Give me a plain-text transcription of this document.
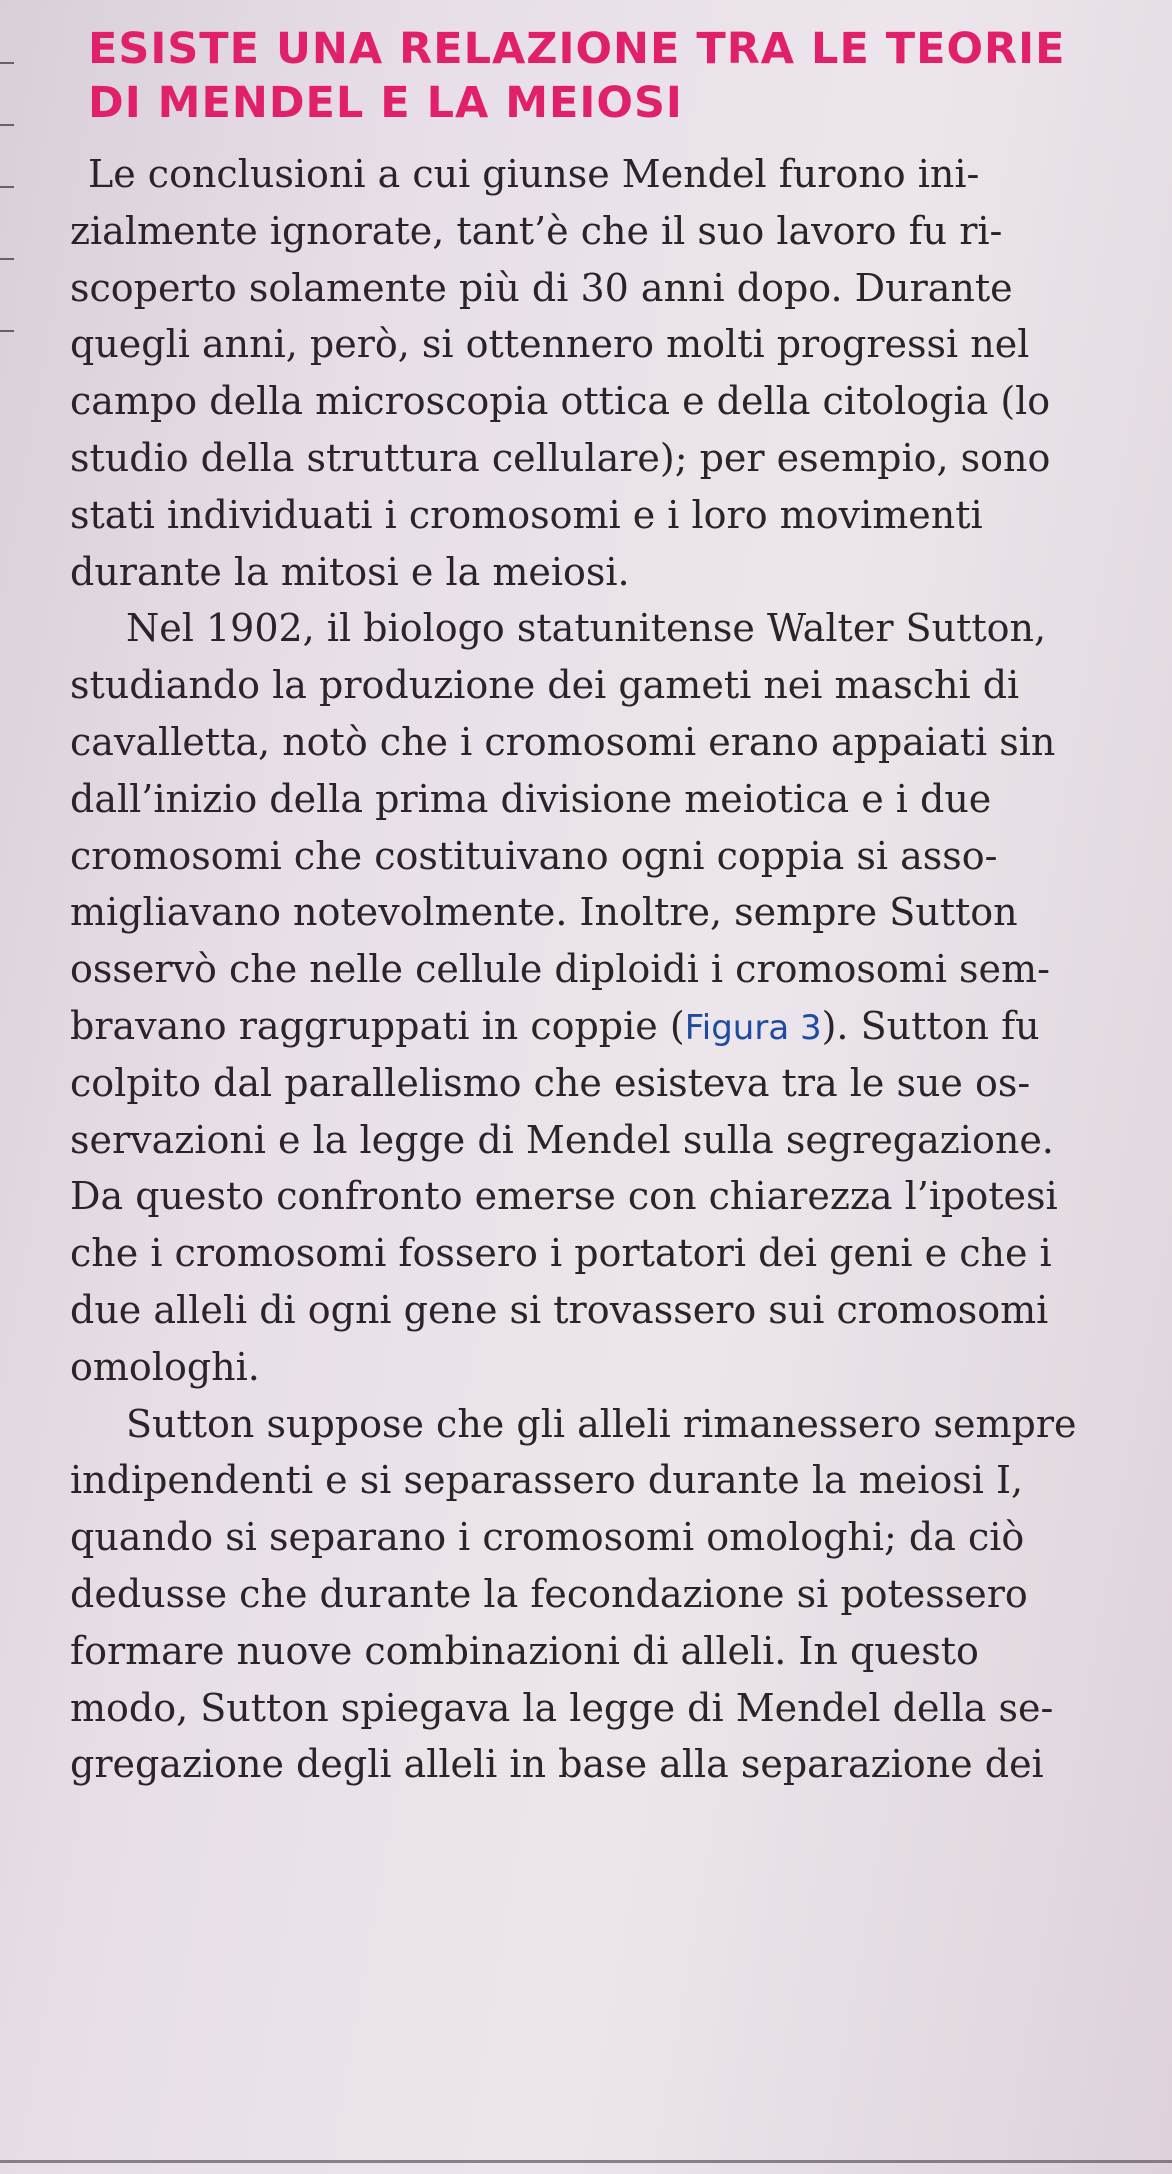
ESISTE UNA RELAZIONE TRA LE TEORIE
DI MENDEL E LA MEIOSI
Le conclusioni a cui giunse Mendel furono ini-
zialmente ignorate, tant’è che il suo lavoro fu ri-
scoperto solamente più di 30 anni dopo. Durante
quegli anni, però, si ottennero molti progressi nel
campo della microscopia ottica e della citologia (lo
studio della struttura cellulare); per esempio, sono
stati individuati i cromosomi e i loro movimenti
durante la mitosi e la meiosi.
Nel 1902, il biologo statunitense Walter Sutton,
studiando la produzione dei gameti nei maschi di
cavalletta, notò che i cromosomi erano appaiati sin
dall’inizio della prima divisione meiotica e i due
cromosomi che costituivano ogni coppia si asso-
migliavano notevolmente. Inoltre, sempre Sutton
osservò che nelle cellule diploidi i cromosomi sem-
bravano raggruppati in coppie (Figura 3). Sutton fu
colpito dal parallelismo che esisteva tra le sue os-
servazioni e la legge di Mendel sulla segregazione.
Da questo confronto emerse con chiarezza l’ipotesi
che i cromosomi fossero i portatori dei geni e che i
due alleli di ogni gene si trovassero sui cromosomi
omologhi.
Sutton suppose che gli alleli rimanessero sempre
indipendenti e si separassero durante la meiosi I,
quando si separano i cromosomi omologhi; da ciò
dedusse che durante la fecondazione si potessero
formare nuove combinazioni di alleli. In questo
modo, Sutton spiegava la legge di Mendel della se-
gregazione degli alleli in base alla separazione dei
